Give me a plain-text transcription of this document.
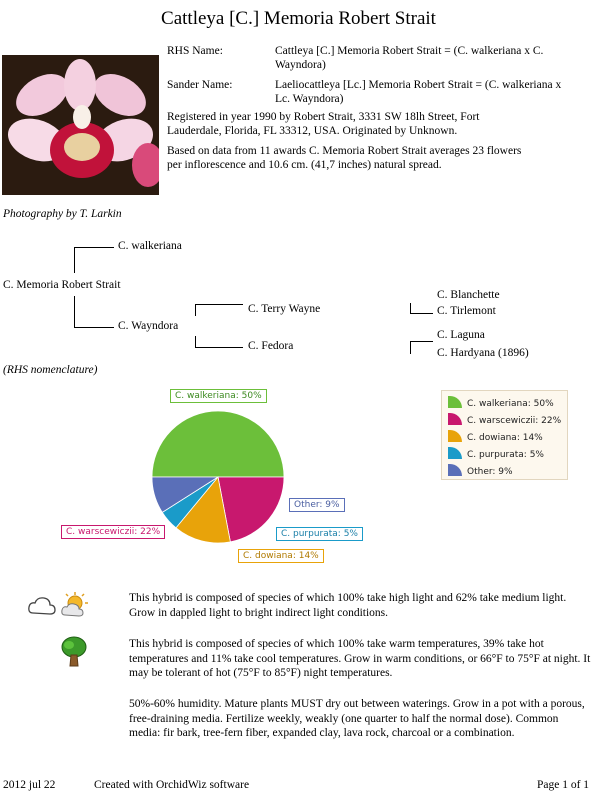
Cattleya [C.] Memoria Robert Strait
RHS Name:	Cattleya [C.] Memoria Robert Strait = (C. walkeriana x C.
Wayndora)
Sander Name:	Laeliocattleya [Lc.] Memoria Robert Strait = (C. walkeriana x
Lc. Wayndora)
Registered in year 1990 by Robert Strait, 3331 SW 18lh Street, Fort
Lauderdale, Florida, FL 33312, USA. Originated by Unknown.
Based on data from 11 awards C. Memoria Robert Strait averages 23 flowers
per inflorescence and 10.6 cm. (41,7 inches) natural spread.
Photography by T. Larkin
C. walkeriana
C. Memoria Robert Strait
C. Wayndora
C. Terry Wayne
C. Fedora
C. Blanchette
C. Tirlemont
C. Laguna
C. Hardyana (1896)
(RHS nomenclature)
C. walkeriana: 50%
C. warscewiczii: 22%
C. dowiana: 14%
C. purpurata: 5%
Other: 9%
C. walkeriana: 50%
C. warscewiczii: 22%
C. dowiana: 14%
C. purpurata: 5%
Other: 9%
This hybrid is composed of species of which 100% take high light and 62% take medium light. Grow in dappled light to bright indirect light conditions.
This hybrid is composed of species of which 100% take warm temperatures, 39% take hot temperatures and 11% take cool temperatures. Grow in warm conditions, or 66°F to 75°F at night. It may be tolerant of hot (75°F to 85°F) night temperatures.
50%-60% humidity. Mature plants MUST dry out between waterings. Grow in a pot with a porous, free-draining media. Fertilize weekly, weakly (one quarter to half the normal dose). Common media: fir bark, tree-fern fiber, expanded clay, lava rock, charcoal or a combination.
2012 jul 22	Created with OrchidWiz software	Page 1 of 1
